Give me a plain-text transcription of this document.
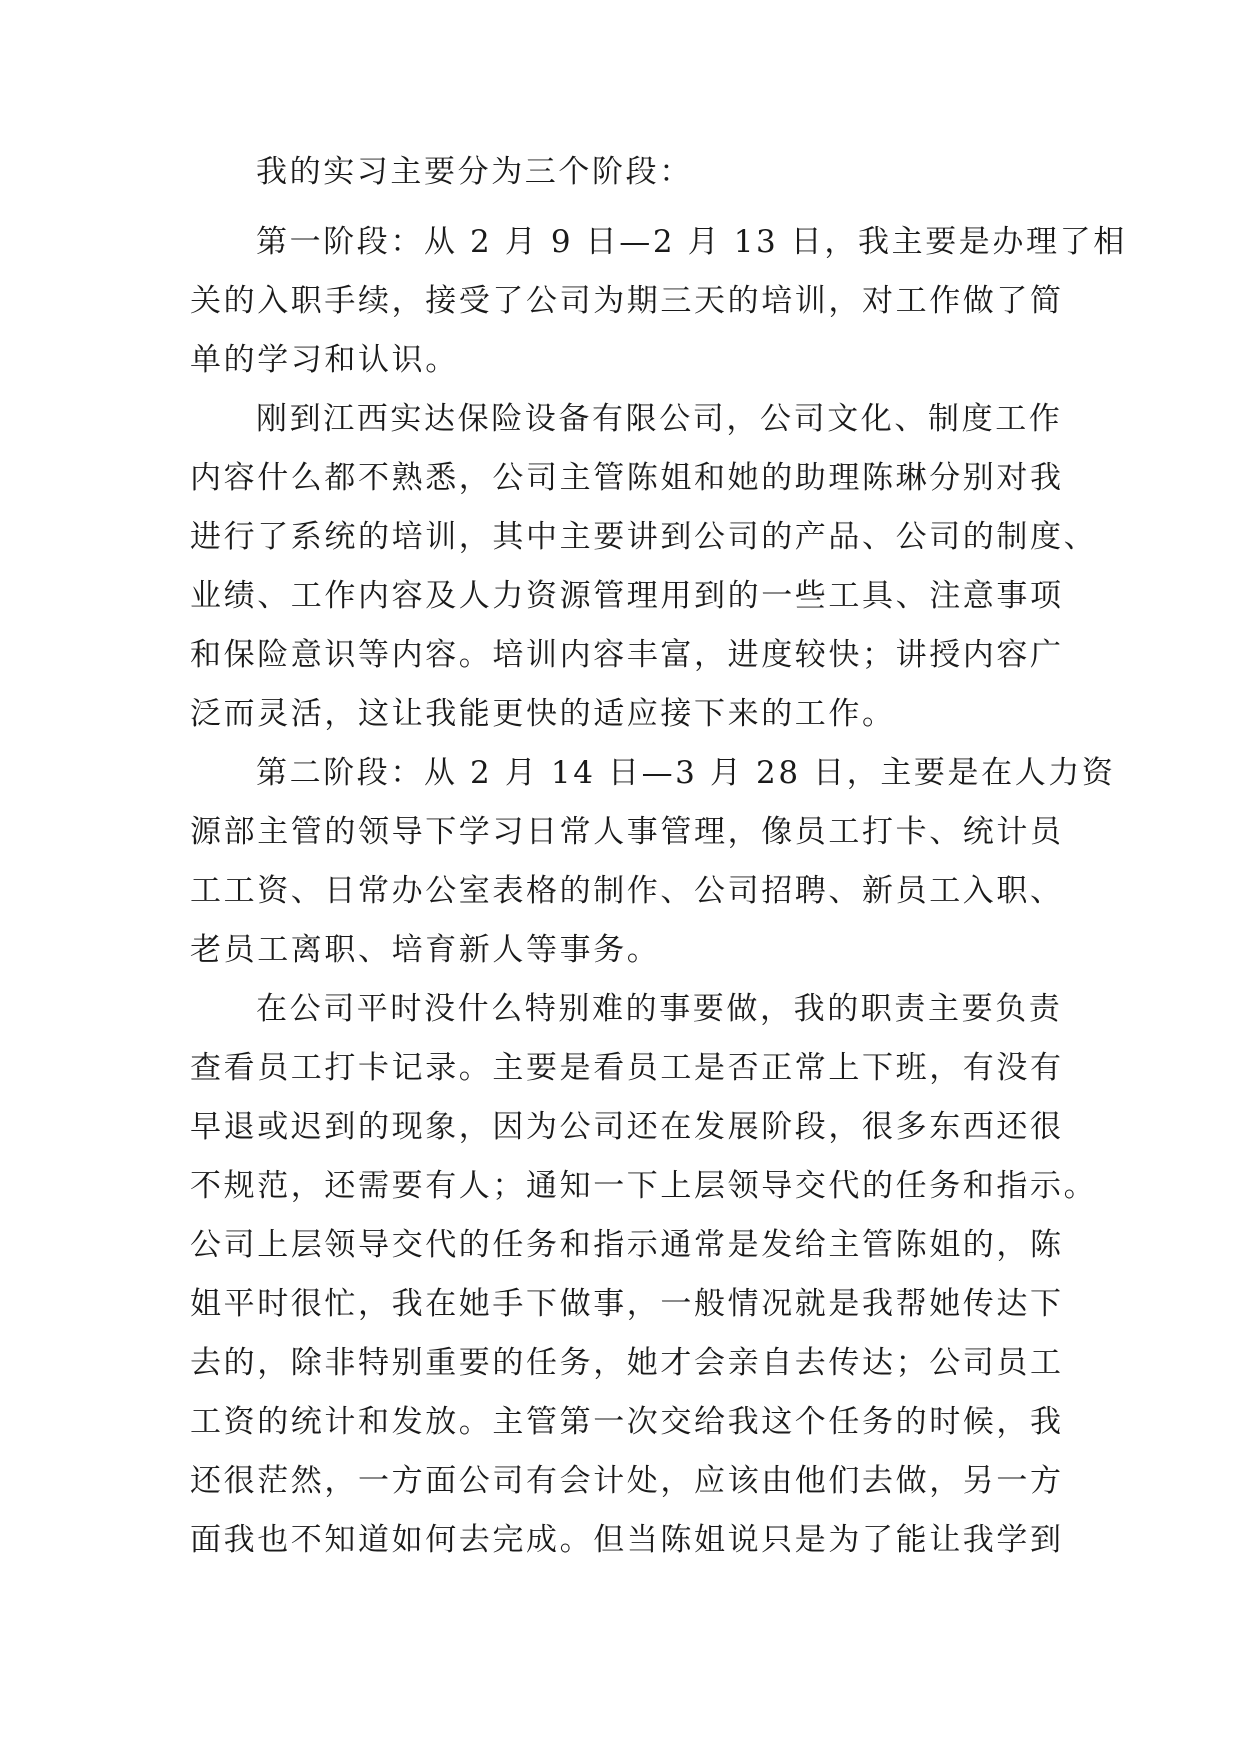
我的实习主要分为三个阶段：
第一阶段：从 2 月 9 日—2 月 13 日，我主要是办理了相
关的入职手续，接受了公司为期三天的培训，对工作做了简
单的学习和认识。
刚到江西实达保险设备有限公司，公司文化、制度工作
内容什么都不熟悉，公司主管陈姐和她的助理陈琳分别对我
进行了系统的培训，其中主要讲到公司的产品、公司的制度、
业绩、工作内容及人力资源管理用到的一些工具、注意事项
和保险意识等内容。培训内容丰富，进度较快；讲授内容广
泛而灵活，这让我能更快的适应接下来的工作。
第二阶段：从 2 月 14 日—3 月 28 日，主要是在人力资
源部主管的领导下学习日常人事管理，像员工打卡、统计员
工工资、日常办公室表格的制作、公司招聘、新员工入职、
老员工离职、培育新人等事务。
在公司平时没什么特别难的事要做，我的职责主要负责
查看员工打卡记录。主要是看员工是否正常上下班，有没有
早退或迟到的现象，因为公司还在发展阶段，很多东西还很
不规范，还需要有人；通知一下上层领导交代的任务和指示。
公司上层领导交代的任务和指示通常是发给主管陈姐的，陈
姐平时很忙，我在她手下做事，一般情况就是我帮她传达下
去的，除非特别重要的任务，她才会亲自去传达；公司员工
工资的统计和发放。主管第一次交给我这个任务的时候，我
还很茫然，一方面公司有会计处，应该由他们去做，另一方
面我也不知道如何去完成。但当陈姐说只是为了能让我学到
